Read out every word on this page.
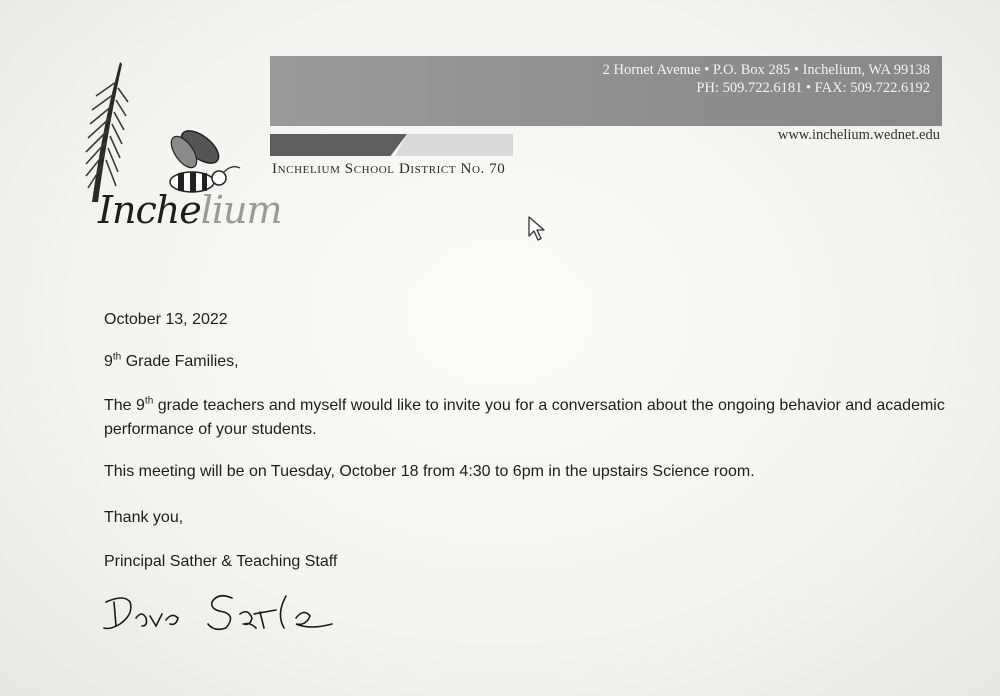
Inchelium
2 Hornet Avenue • P.O. Box 285 • Inchelium, WA 99138
PH: 509.722.6181 • FAX: 509.722.6192
www.inchelium.wednet.edu
Inchelium School District No. 70
October 13, 2022
9th Grade Families,
The 9th grade teachers and myself would like to invite you for a conversation about the ongoing behavior and academic performance of your students.
This meeting will be on Tuesday, October 18 from 4:30 to 6pm in the upstairs Science room.
Thank you,
Principal Sather & Teaching Staff
